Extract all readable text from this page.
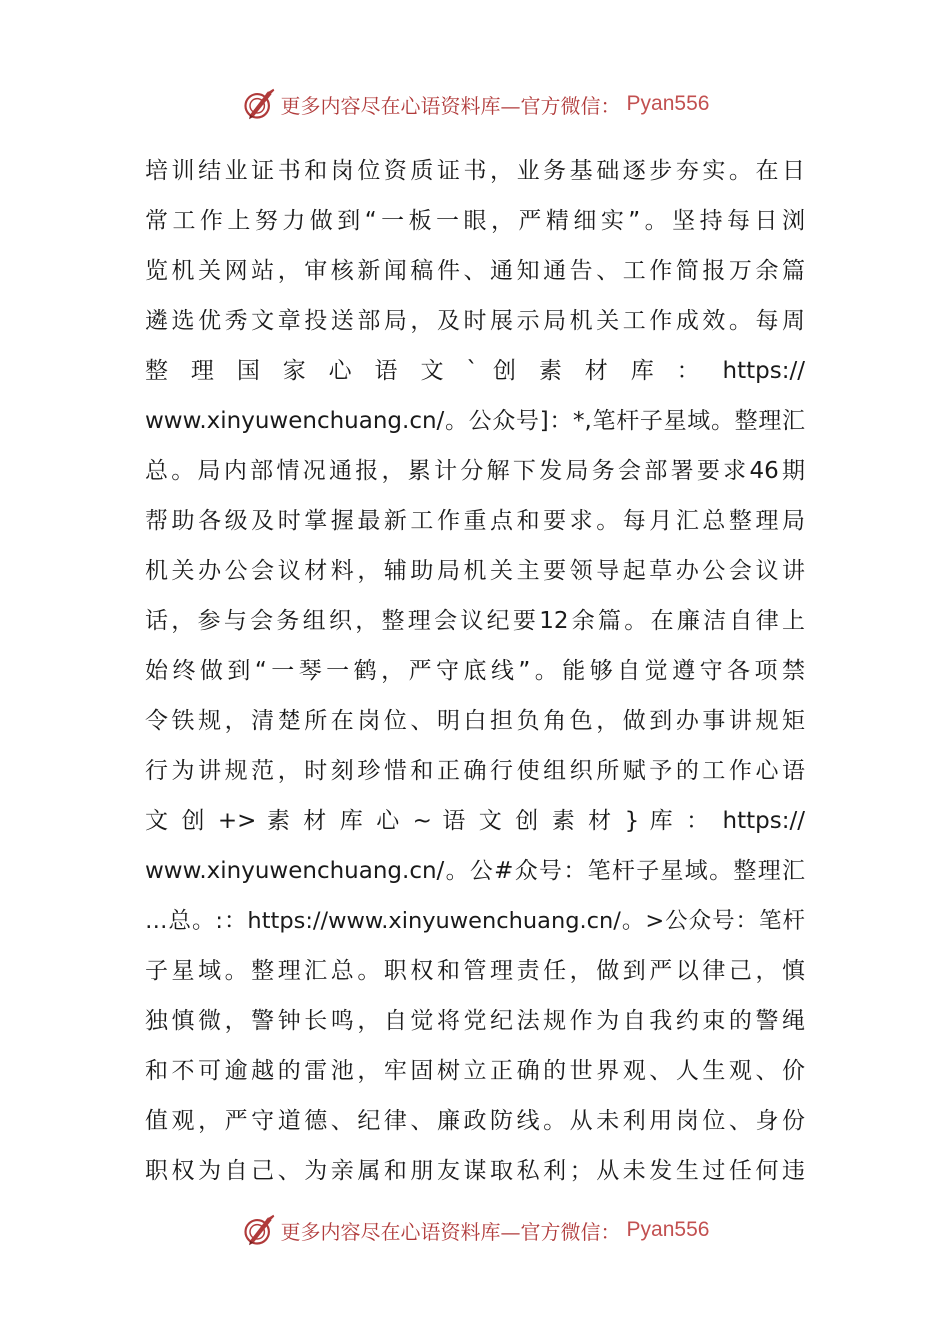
更多内容尽在心语资料库—官方微信： Pyan556
培训结业证书和岗位资质证书，业务基础逐步夯实。在日
常工作上努力做到“一板一眼，严精细实”。坚持每日浏
览机关网站，审核新闻稿件、通知通告、工作简报万余篇
遴选优秀文章投送部局，及时展示局机关工作成效。每周
整 理 国 家 心 语 文 ` 创 素 材 库 ： https://
www.xinyuwenchuang.cn/。公众号]：*,笔杆子星域。整理汇
总。局内部情况通报，累计分解下发局务会部署要求46期
帮助各级及时掌握最新工作重点和要求。每月汇总整理局
机关办公会议材料，辅助局机关主要领导起草办公会议讲
话，参与会务组织，整理会议纪要12余篇。在廉洁自律上
始终做到“一琴一鹤，严守底线”。能够自觉遵守各项禁
令铁规，清楚所在岗位、明白担负角色，做到办事讲规矩
行为讲规范，时刻珍惜和正确行使组织所赋予的工作心语
文 创 +> 素 材 库 心 ~ 语 文 创 素 材 } 库 ： https://
www.xinyuwenchuang.cn/。公#众号：笔杆子星域。整理汇
…总。:：https://www.xinyuwenchuang.cn/。>公众号：笔杆
子星域。整理汇总。职权和管理责任，做到严以律己，慎
独慎微，警钟长鸣，自觉将党纪法规作为自我约束的警绳
和不可逾越的雷池，牢固树立正确的世界观、人生观、价
值观，严守道德、纪律、廉政防线。从未利用岗位、身份
职权为自己、为亲属和朋友谋取私利；从未发生过任何违
更多内容尽在心语资料库—官方微信： Pyan556
